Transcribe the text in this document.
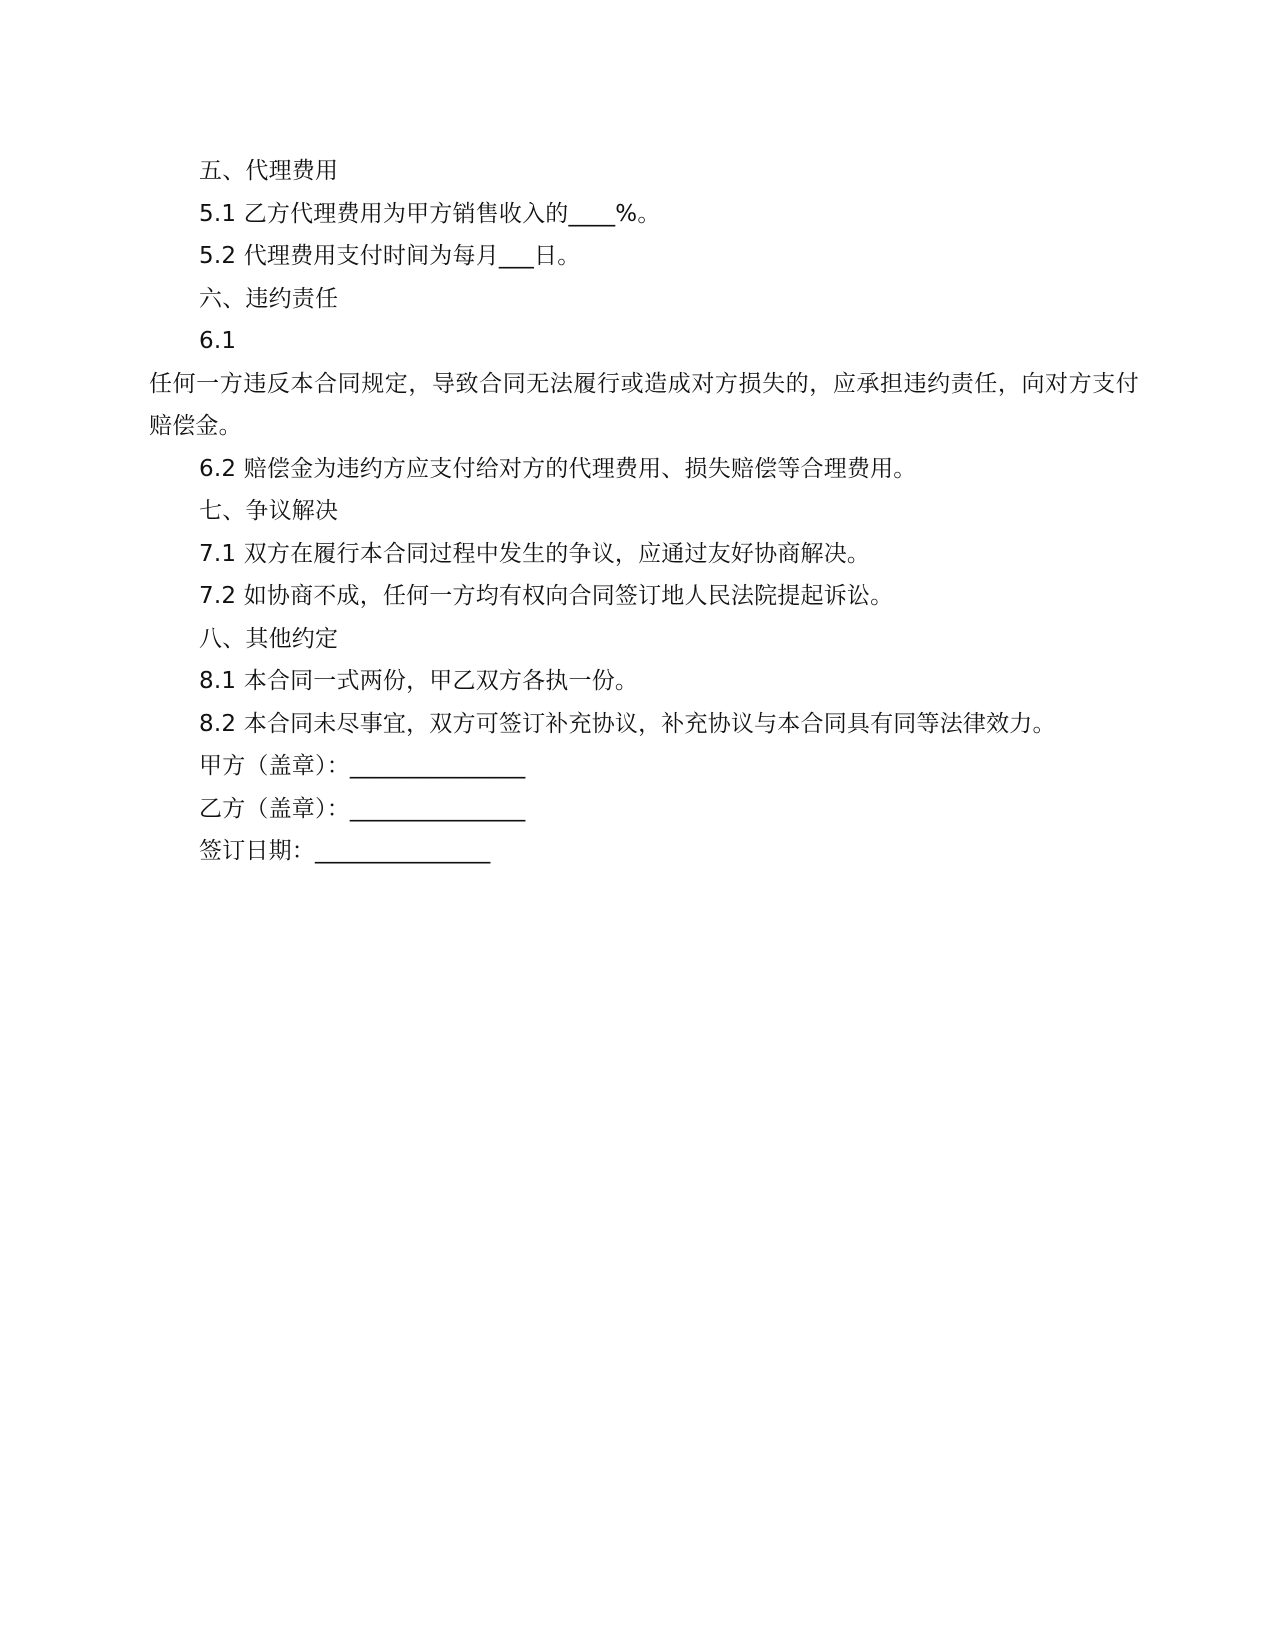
五、代理费用
5.1 乙方代理费用为甲方销售收入的____%。
5.2 代理费用支付时间为每月___日。
六、违约责任
6.1
任何一方违反本合同规定，导致合同无法履行或造成对方损失的，应承担违约责任，向对方支付赔偿金。
6.2 赔偿金为违约方应支付给对方的代理费用、损失赔偿等合理费用。
七、争议解决
7.1 双方在履行本合同过程中发生的争议，应通过友好协商解决。
7.2 如协商不成，任何一方均有权向合同签订地人民法院提起诉讼。
八、其他约定
8.1 本合同一式两份，甲乙双方各执一份。
8.2 本合同未尽事宜，双方可签订补充协议，补充协议与本合同具有同等法律效力。
甲方（盖章）：_______________
乙方（盖章）：_______________
签订日期：_______________
